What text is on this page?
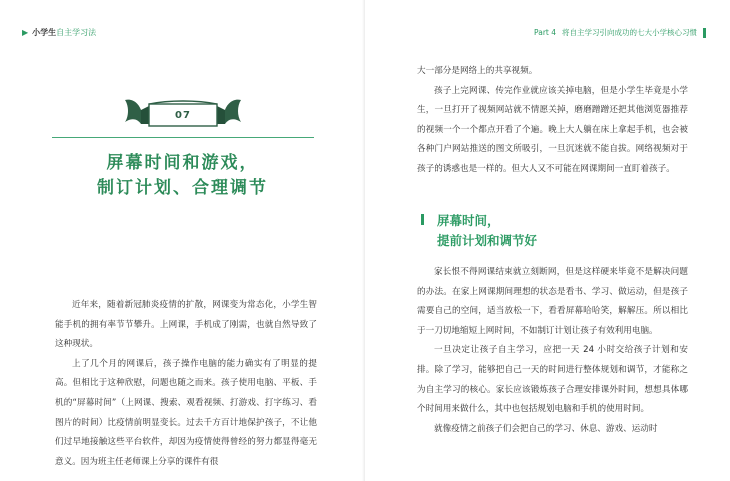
▶ 小学生 自主学习法
07
屏幕时间和游戏，
制订计划、合理调节

近年来，随着新冠肺炎疫情的扩散，网课变为常态化，小学生智能手机的拥有率节节攀升。上网课，手机成了刚需，也就自然导致了这种现状。

上了几个月的网课后，孩子操作电脑的能力确实有了明显的提高。但相比于这种欣慰，问题也随之而来。孩子使用电脑、平板、手机的“屏幕时间”（上网课、搜索、观看视频、打游戏、打字练习、看图片的时间）比疫情前明显变长。过去千方百计地保护孩子，不让他们过早地接触这些平台软件，却因为疫情使得曾经的努力都显得毫无意义。因为班主任老师课上分享的课件有很

Part 4 将自主学习引向成功的七大小学核心习惯

大一部分是网络上的共享视频。

孩子上完网课、传完作业就应该关掉电脑，但是小学生毕竟是小学生，一旦打开了视频网站就不情愿关掉，磨磨蹭蹭还把其他浏览器推荐的视频一个一个都点开看了个遍。晚上大人躺在床上拿起手机，也会被各种门户网站推送的图文所吸引，一旦沉迷就不能自拔。网络视频对于孩子的诱惑也是一样的。但大人又不可能在网课期间一直盯着孩子。

屏幕时间，
提前计划和调节好

家长恨不得网课结束就立刻断网，但是这样硬来毕竟不是解决问题的办法。在家上网课期间理想的状态是看书、学习、做运动，但是孩子需要自己的空间，适当放松一下，看看屏幕哈哈笑，解解压。所以相比于一刀切地缩短上网时间，不如制订计划让孩子有效利用电脑。

一旦决定让孩子自主学习，应把一天 24 小时交给孩子计划和安排。除了学习，能够把自己一天的时间进行整体规划和调节，才能称之为自主学习的核心。家长应该锻炼孩子合理安排课外时间，想想具体哪个时间用来做什么，其中也包括规划电脑和手机的使用时间。

就像疫情之前孩子们会把自己的学习、休息、游戏、运动时
